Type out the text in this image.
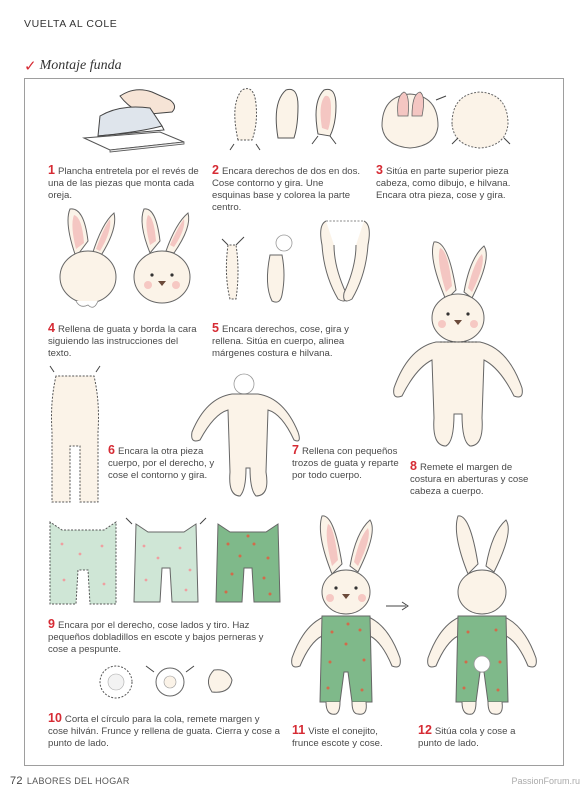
VUELTA AL COLE
✓ Montaje funda
1 Plancha entretela por el revés de una de las piezas que monta cada oreja.
2 Encara derechos de dos en dos. Cose contorno y gira. Une esquinas base y colorea la parte centro.
3 Sitúa en parte superior pieza cabeza, como dibujo, e hilvana. Encara otra pieza, cose y gira.
4 Rellena de guata y borda la cara siguiendo las instrucciones del texto.
5 Encara derechos, cose, gira y rellena. Sitúa en cuerpo, alinea márgenes costura e hilvana.
6 Encara la otra pieza cuerpo, por el derecho, y cose el contorno y gira.
7 Rellena con pequeños trozos de guata y reparte por todo cuerpo.
8 Remete el margen de costura en aberturas y cose cabeza a cuerpo.
9 Encara por el derecho, cose lados y tiro. Haz pequeños dobladillos en escote y bajos perneras y cose a pespunte.
10 Corta el círculo para la cola, remete margen y cose hilván. Frunce y rellena de guata. Cierra y cose a punto de lado.
11 Viste el conejito, frunce escote y cose.
12 Sitúa cola y cose a punto de lado.
72 LABORES DEL HOGAR	PassionForum.ru
